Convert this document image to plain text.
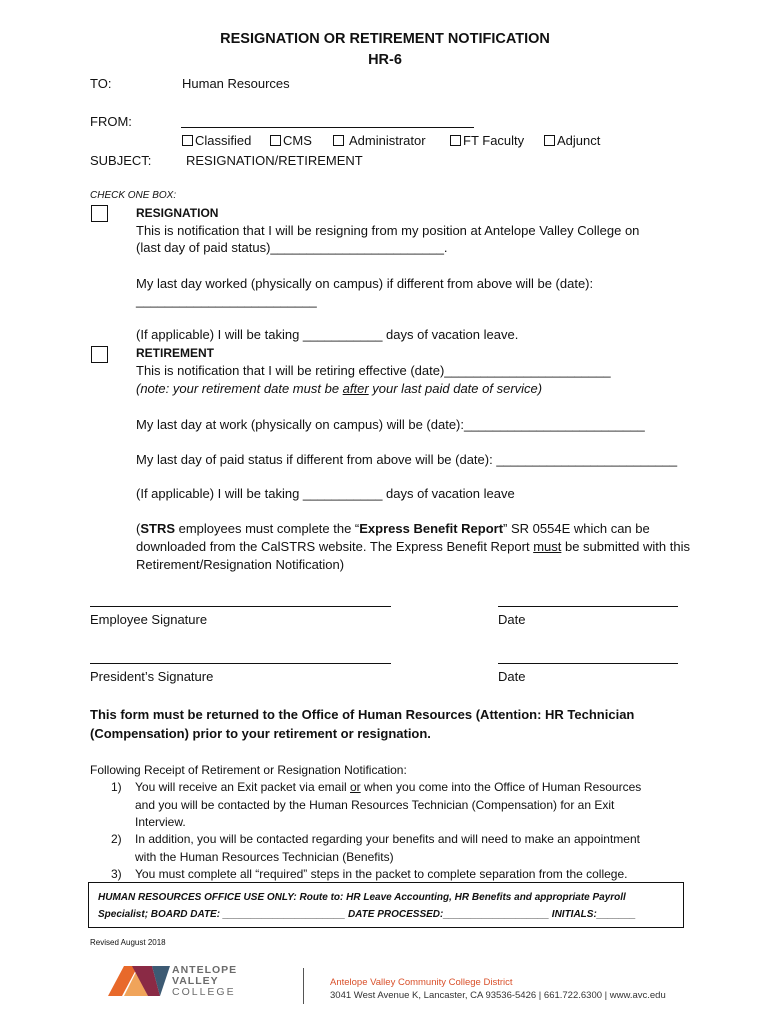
RESIGNATION OR RETIREMENT NOTIFICATION
HR-6
TO:	Human Resources
FROM:
Classified	CMS	Administrator	FT Faculty	Adjunct
SUBJECT:	RESIGNATION/RETIREMENT
CHECK ONE BOX:
RESIGNATION
This is notification that I will be resigning from my position at Antelope Valley College on
(last day of paid status)________________________.
My last day worked (physically on campus) if different from above will be (date):
_________________________
(If applicable) I will be taking ___________ days of vacation leave.
RETIREMENT
This is notification that I will be retiring effective (date)_______________________
(note: your retirement date must be after your last paid date of service)
My last day at work (physically on campus) will be (date):_________________________
My last day of paid status if different from above will be (date): _________________________
(If applicable) I will be taking ___________ days of vacation leave
(STRS employees must complete the “Express Benefit Report” SR 0554E which can be
downloaded from the CalSTRS website. The Express Benefit Report must be submitted with this
Retirement/Resignation Notification)
Employee Signature	Date
President’s Signature	Date
This form must be returned to the Office of Human Resources (Attention: HR Technician
(Compensation) prior to your retirement or resignation.
Following Receipt of Retirement or Resignation Notification:
1) You will receive an Exit packet via email or when you come into the Office of Human Resources
and you will be contacted by the Human Resources Technician (Compensation) for an Exit
Interview.
2) In addition, you will be contacted regarding your benefits and will need to make an appointment
with the Human Resources Technician (Benefits)
3) You must complete all “required” steps in the packet to complete separation from the college.
HUMAN RESOURCES OFFICE USE ONLY: Route to: HR Leave Accounting, HR Benefits and appropriate Payroll
Specialist; BOARD DATE: ______________________ DATE PROCESSED:___________________ INITIALS:_______
Revised August 2018
ANTELOPE
VALLEY
COLLEGE
Antelope Valley Community College District
3041 West Avenue K, Lancaster, CA 93536-5426 | 661.722.6300 | www.avc.edu
